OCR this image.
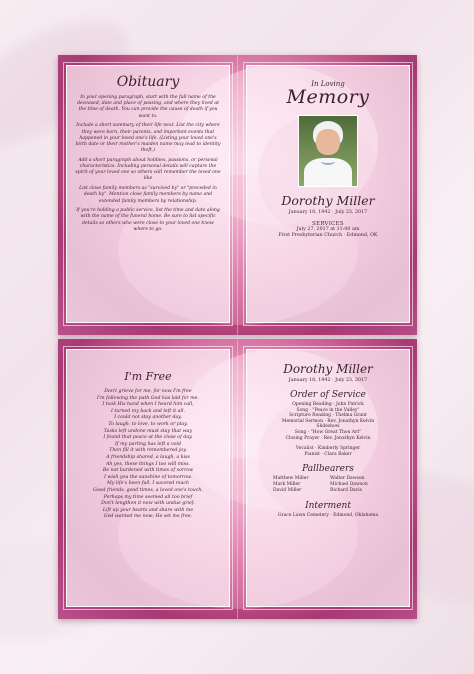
Obituary

In your opening paragraph, start with the full name of the deceased, date and place of passing, and where they lived at the time of death. You can provide the cause of death if you want to.

Include a short summary of their life next. List the city where they were born, their parents, and important events that happened in your loved one's life. (Listing your loved one's birth date or their mother's maiden name may lead to identity theft.)

Add a short paragraph about hobbies, passions, or personal characteristics. Including personal details will capture the spirit of your loved one so others will remember the loved one like

List close family members as "survived by" or "preceded in death by". Mention close family members by name and extended family members by relationship.

If you're holding a public service, list the time and date along with the name of the funeral home. Be sure to list specific details so others who were close to your loved one know where to go.

In Loving
Memory
Dorothy Miller
January 18, 1942 · July 23, 2017
SERVICES
July 27, 2017 at 11:00 am
First Presbyterian Church · Edmond, OK
I'm Free
Don't grieve for me, for now I'm free
I'm following the path God has laid for me.
I took His hand when I heard him call,
I turned my back and left it all.
I could not stay another day,
To laugh, to love, to work or play.
Tasks left undone must stay that way
I found that peace at the close of day.
If my parting has left a void
Then fill it with remembered joy.
A friendship shared, a laugh, a kiss
Ah yes, these things I too will miss.
Be not burdened with times of sorrow
I wish you the sunshine of tomorrow.
My life's been full, I savored much
Good friends, good times, a loved one's touch.
Perhaps my time seemed all too brief
Don't lengthen it now with undue grief.
Lift up your hearts and share with me
God wanted me now; He set me free.
Dorothy Miller
January 18, 1942 · July 23, 2017
Order of Service
Opening Reading · John Patrick
Song · "Peace in the Valley"
Scripture Reading · Thelma Grant
Memorial Sermon · Rev. Jonathyn Kelvin
Slideshow
Song · "How Great Thou Art"
Closing Prayer · Rev. Jonathyn Kelvin
Vocalist · Kimberly Springer
Pianist · Clara Baker
Pallbearers
Matthew Miller	Walter Dawson
Mark Miller	Michael Dawson
David Miller	Richard Davis
Interment
Grace Lawn Cemetery · Edmond, Oklahoma
